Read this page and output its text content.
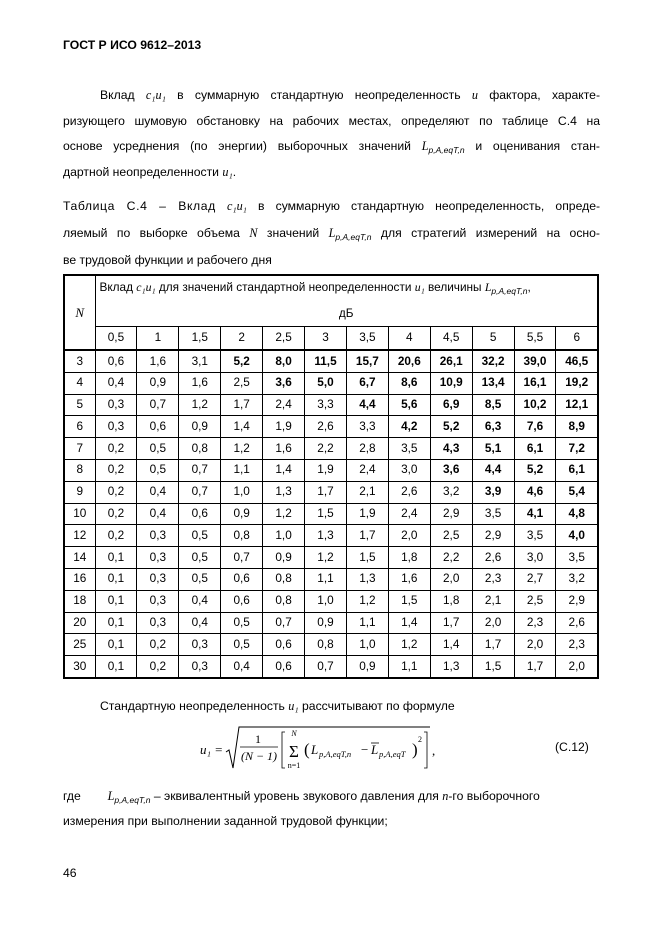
ГОСТ Р ИСО 9612–2013
Вклад c₁u₁ в суммарную стандартную неопределенность u фактора, характе-
ризующего шумовую обстановку на рабочих местах, определяют по таблице С.4 на
основе усреднения (по энергии) выборочных значений $L_{p,A,eqT,n}$ и оценивания стан-
дартной неопределенности u₁.
Таблица С.4 – Вклад c₁u₁ в суммарную стандартную неопределенность, опреде-
ляемый по выборке объема N значений $L_{p,A,eqT,n}$ для стратегий измерений на осно-
ве трудовой функции и рабочего дня
N	Вклад c₁u₁ для значений стандартной неопределенности u₁ величины $L_{p,A,eqT,n}$,
дБ											

	0,5	1	1,5	2	2,5	3	3,5	4	4,5	5	5,5	6
3	0,6	1,6	3,1	5,2	8,0	11,5	15,7	20,6	26,1	32,2	39,0	46,5
4	0,4	0,9	1,6	2,5	3,6	5,0	6,7	8,6	10,9	13,4	16,1	19,2
5	0,3	0,7	1,2	1,7	2,4	3,3	4,4	5,6	6,9	8,5	10,2	12,1
6	0,3	0,6	0,9	1,4	1,9	2,6	3,3	4,2	5,2	6,3	7,6	8,9
7	0,2	0,5	0,8	1,2	1,6	2,2	2,8	3,5	4,3	5,1	6,1	7,2
8	0,2	0,5	0,7	1,1	1,4	1,9	2,4	3,0	3,6	4,4	5,2	6,1
9	0,2	0,4	0,7	1,0	1,3	1,7	2,1	2,6	3,2	3,9	4,6	5,4
10	0,2	0,4	0,6	0,9	1,2	1,5	1,9	2,4	2,9	3,5	4,1	4,8
12	0,2	0,3	0,5	0,8	1,0	1,3	1,7	2,0	2,5	2,9	3,5	4,0
14	0,1	0,3	0,5	0,7	0,9	1,2	1,5	1,8	2,2	2,6	3,0	3,5
16	0,1	0,3	0,5	0,6	0,8	1,1	1,3	1,6	2,0	2,3	2,7	3,2
18	0,1	0,3	0,4	0,6	0,8	1,0	1,2	1,5	1,8	2,1	2,5	2,9
20	0,1	0,3	0,4	0,5	0,7	0,9	1,1	1,4	1,7	2,0	2,3	2,6
25	0,1	0,2	0,3	0,5	0,6	0,8	1,0	1,2	1,4	1,7	2,0	2,3
30	0,1	0,2	0,3	0,4	0,6	0,7	0,9	1,1	1,3	1,5	1,7	2,0
Стандартную неопределенность u₁ рассчитывают по формуле
u₁ =
1
(N − 1)
N
Σ
n=1
( L p,A,eqT,n − L p,A,eqT )
2
,	(С.12)
где $L_{p,A,eqT,n}$ – эквивалентный уровень звукового давления для n-го выборочного
измерения при выполнении заданной трудовой функции;
46
